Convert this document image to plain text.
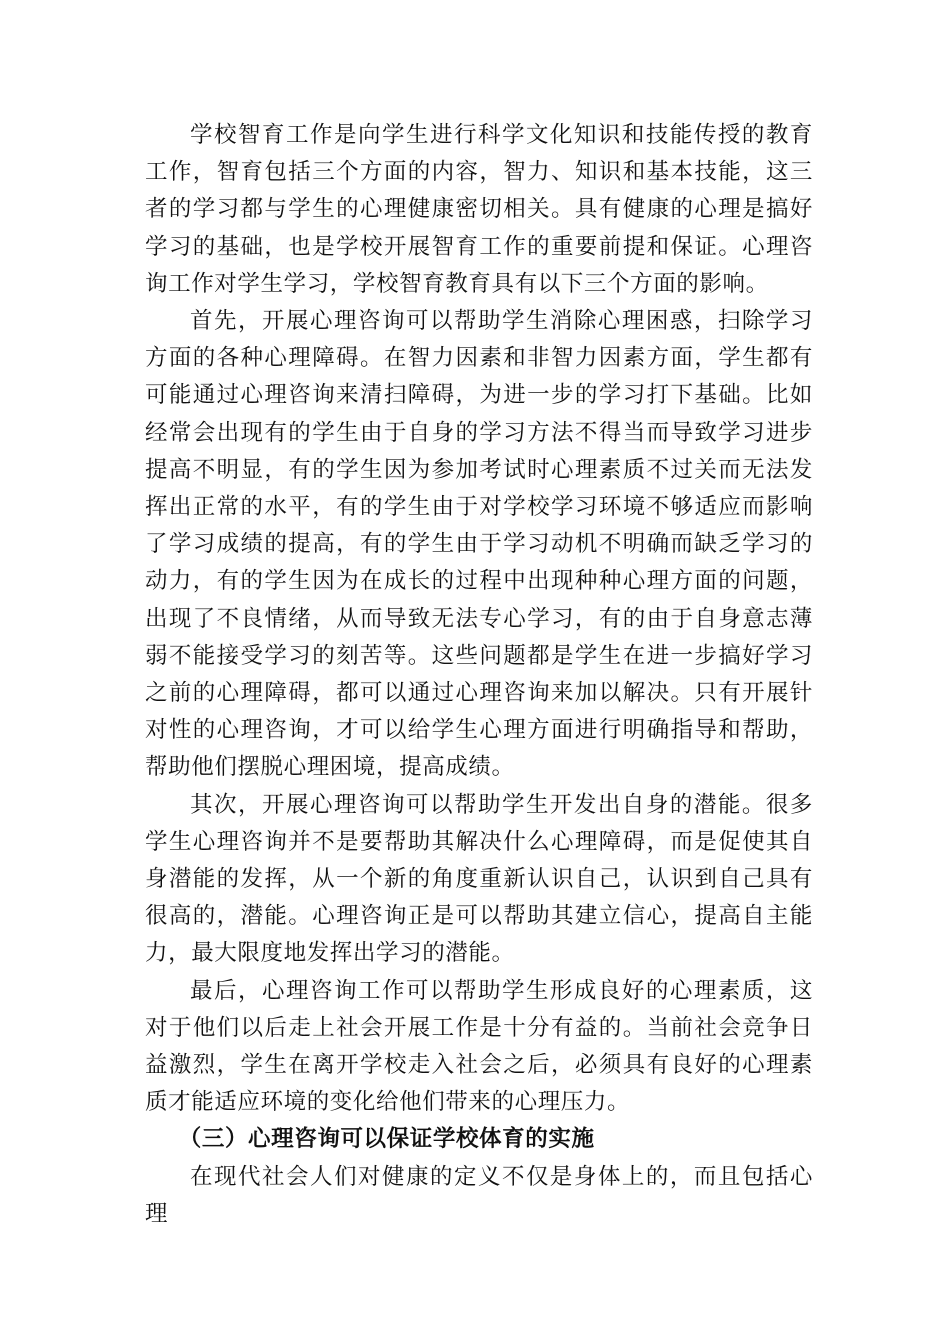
学校智育工作是向学生进行科学文化知识和技能传授的教育工作，智育包括三个方面的内容，智力、知识和基本技能，这三者的学习都与学生的心理健康密切相关。具有健康的心理是搞好学习的基础，也是学校开展智育工作的重要前提和保证。心理咨询工作对学生学习，学校智育教育具有以下三个方面的影响。

首先，开展心理咨询可以帮助学生消除心理困惑，扫除学习方面的各种心理障碍。在智力因素和非智力因素方面，学生都有可能通过心理咨询来清扫障碍，为进一步的学习打下基础。比如经常会出现有的学生由于自身的学习方法不得当而导致学习进步提高不明显，有的学生因为参加考试时心理素质不过关而无法发挥出正常的水平，有的学生由于对学校学习环境不够适应而影响了学习成绩的提高，有的学生由于学习动机不明确而缺乏学习的动力，有的学生因为在成长的过程中出现种种心理方面的问题，出现了不良情绪，从而导致无法专心学习，有的由于自身意志薄弱不能接受学习的刻苦等。这些问题都是学生在进一步搞好学习之前的心理障碍，都可以通过心理咨询来加以解决。只有开展针对性的心理咨询，才可以给学生心理方面进行明确指导和帮助，帮助他们摆脱心理困境，提高成绩。

其次，开展心理咨询可以帮助学生开发出自身的潜能。很多学生心理咨询并不是要帮助其解决什么心理障碍，而是促使其自身潜能的发挥，从一个新的角度重新认识自己，认识到自己具有很高的，潜能。心理咨询正是可以帮助其建立信心，提高自主能力，最大限度地发挥出学习的潜能。

最后，心理咨询工作可以帮助学生形成良好的心理素质，这对于他们以后走上社会开展工作是十分有益的。当前社会竞争日益激烈，学生在离开学校走入社会之后，必须具有良好的心理素质才能适应环境的变化给他们带来的心理压力。

（三）心理咨询可以保证学校体育的实施

在现代社会人们对健康的定义不仅是身体上的，而且包括心理
